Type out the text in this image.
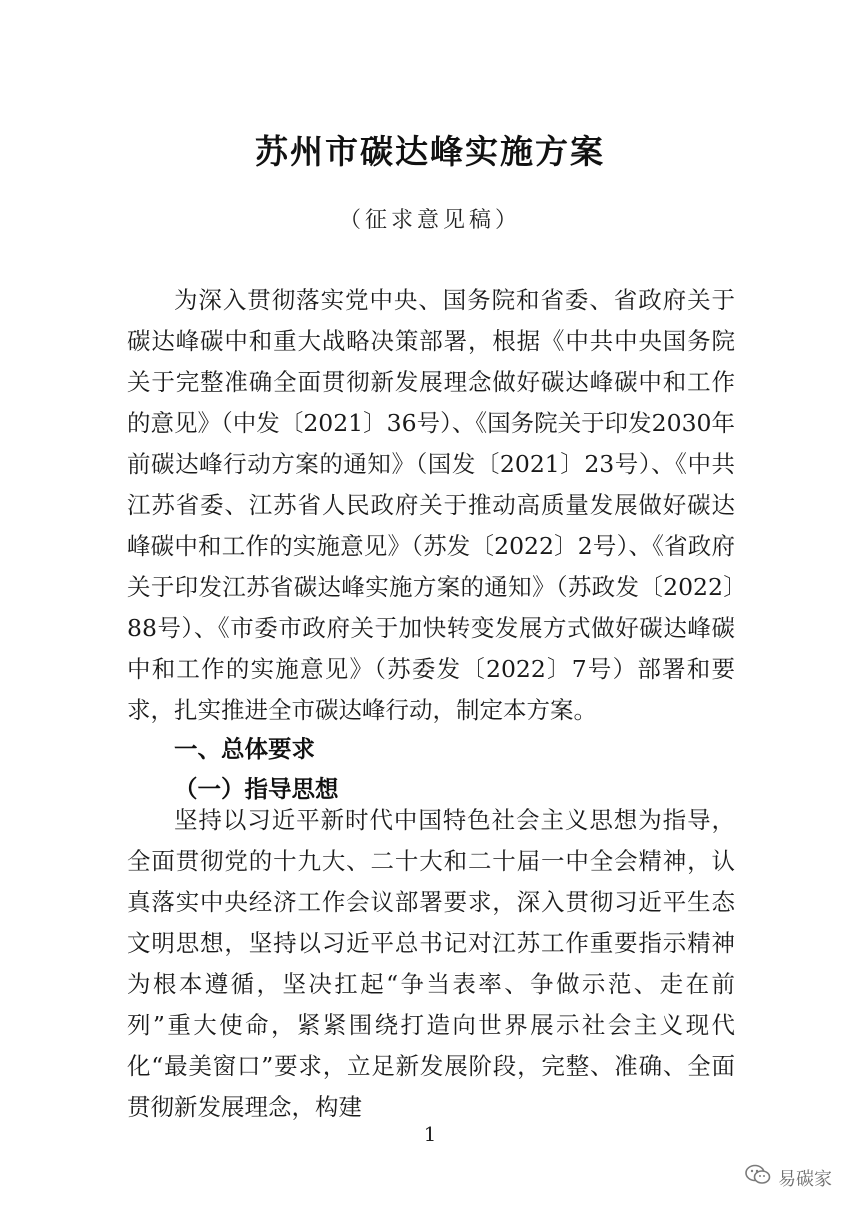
苏州市碳达峰实施方案
（征求意见稿）

为深入贯彻落实党中央、国务院和省委、省政府关于碳达峰碳中和重大战略决策部署，根据《中共中央国务院关于完整准确全面贯彻新发展理念做好碳达峰碳中和工作的意见》（中发〔2021〕36号）、《国务院关于印发2030年前碳达峰行动方案的通知》（国发〔2021〕23号）、《中共江苏省委、江苏省人民政府关于推动高质量发展做好碳达峰碳中和工作的实施意见》（苏发〔2022〕2号）、《省政府关于印发江苏省碳达峰实施方案的通知》（苏政发〔2022〕88号）、《市委市政府关于加快转变发展方式做好碳达峰碳中和工作的实施意见》（苏委发〔2022〕7号）部署和要求，扎实推进全市碳达峰行动，制定本方案。

一、总体要求

（一）指导思想

坚持以习近平新时代中国特色社会主义思想为指导，全面贯彻党的十九大、二十大和二十届一中全会精神，认真落实中央经济工作会议部署要求，深入贯彻习近平生态文明思想，坚持以习近平总书记对江苏工作重要指示精神为根本遵循，坚决扛起“争当表率、争做示范、走在前列”重大使命，紧紧围绕打造向世界展示社会主义现代化“最美窗口”要求，立足新发展阶段，完整、准确、全面贯彻新发展理念，构建

1
易碳家
